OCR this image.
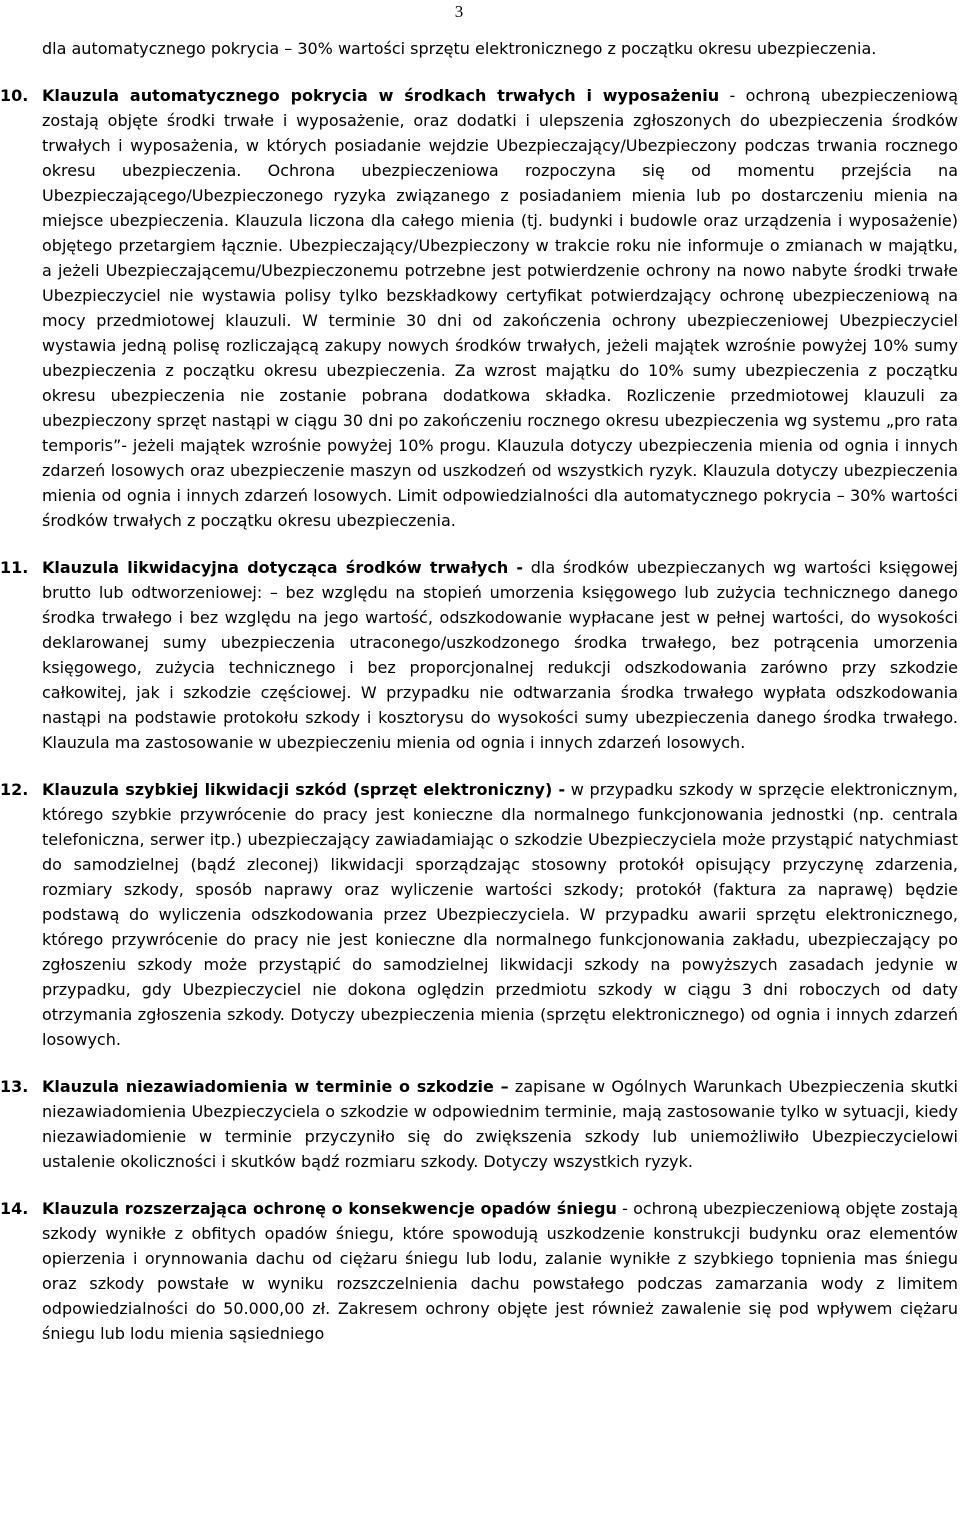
3

dla automatycznego pokrycia – 30% wartości sprzętu elektronicznego z początku okresu ubezpieczenia.

10. Klauzula automatycznego pokrycia w środkach trwałych i wyposażeniu - ochroną ubezpieczeniową zostają objęte środki trwałe i wyposażenie, oraz dodatki i ulepszenia zgłoszonych do ubezpieczenia środków trwałych i wyposażenia, w których posiadanie wejdzie Ubezpieczający/Ubezpieczony podczas trwania rocznego okresu ubezpieczenia. Ochrona ubezpieczeniowa rozpoczyna się od momentu przejścia na Ubezpieczającego/Ubezpieczonego ryzyka związanego z posiadaniem mienia lub po dostarczeniu mienia na miejsce ubezpieczenia. Klauzula liczona dla całego mienia (tj. budynki i budowle oraz urządzenia i wyposażenie) objętego przetargiem łącznie. Ubezpieczający/Ubezpieczony w trakcie roku nie informuje o zmianach w majątku, a jeżeli Ubezpieczającemu/Ubezpieczonemu potrzebne jest potwierdzenie ochrony na nowo nabyte środki trwałe Ubezpieczyciel nie wystawia polisy tylko bezskładkowy certyfikat potwierdzający ochronę ubezpieczeniową na mocy przedmiotowej klauzuli. W terminie 30 dni od zakończenia ochrony ubezpieczeniowej Ubezpieczyciel wystawia jedną polisę rozliczającą zakupy nowych środków trwałych, jeżeli majątek wzrośnie powyżej 10% sumy ubezpieczenia z początku okresu ubezpieczenia. Za wzrost majątku do 10% sumy ubezpieczenia z początku okresu ubezpieczenia nie zostanie pobrana dodatkowa składka. Rozliczenie przedmiotowej klauzuli za ubezpieczony sprzęt nastąpi w ciągu 30 dni po zakończeniu rocznego okresu ubezpieczenia wg systemu „pro rata temporis”- jeżeli majątek wzrośnie powyżej 10% progu. Klauzula dotyczy ubezpieczenia mienia od ognia i innych zdarzeń losowych oraz ubezpieczenie maszyn od uszkodzeń od wszystkich ryzyk. Klauzula dotyczy ubezpieczenia mienia od ognia i innych zdarzeń losowych. Limit odpowiedzialności dla automatycznego pokrycia – 30% wartości środków trwałych z początku okresu ubezpieczenia.

11. Klauzula likwidacyjna dotycząca środków trwałych - dla środków ubezpieczanych wg wartości księgowej brutto lub odtworzeniowej: – bez względu na stopień umorzenia księgowego lub zużycia technicznego danego środka trwałego i bez względu na jego wartość, odszkodowanie wypłacane jest w pełnej wartości, do wysokości deklarowanej sumy ubezpieczenia utraconego/uszkodzonego środka trwałego, bez potrącenia umorzenia księgowego, zużycia technicznego i bez proporcjonalnej redukcji odszkodowania zarówno przy szkodzie całkowitej, jak i szkodzie częściowej. W przypadku nie odtwarzania środka trwałego wypłata odszkodowania nastąpi na podstawie protokołu szkody i kosztorysu do wysokości sumy ubezpieczenia danego środka trwałego. Klauzula ma zastosowanie w ubezpieczeniu mienia od ognia i innych zdarzeń losowych.

12. Klauzula szybkiej likwidacji szkód (sprzęt elektroniczny) - w przypadku szkody w sprzęcie elektronicznym, którego szybkie przywrócenie do pracy jest konieczne dla normalnego funkcjonowania jednostki (np. centrala telefoniczna, serwer itp.) ubezpieczający zawiadamiając o szkodzie Ubezpieczyciela może przystąpić natychmiast do samodzielnej (bądź zleconej) likwidacji sporządzając stosowny protokół opisujący przyczynę zdarzenia, rozmiary szkody, sposób naprawy oraz wyliczenie wartości szkody; protokół (faktura za naprawę) będzie podstawą do wyliczenia odszkodowania przez Ubezpieczyciela. W przypadku awarii sprzętu elektronicznego, którego przywrócenie do pracy nie jest konieczne dla normalnego funkcjonowania zakładu, ubezpieczający po zgłoszeniu szkody może przystąpić do samodzielnej likwidacji szkody na powyższych zasadach jedynie w przypadku, gdy Ubezpieczyciel nie dokona oględzin przedmiotu szkody w ciągu 3 dni roboczych od daty otrzymania zgłoszenia szkody. Dotyczy ubezpieczenia mienia (sprzętu elektronicznego) od ognia i innych zdarzeń losowych.

13. Klauzula niezawiadomienia w terminie o szkodzie – zapisane w Ogólnych Warunkach Ubezpieczenia skutki niezawiadomienia Ubezpieczyciela o szkodzie w odpowiednim terminie, mają zastosowanie tylko w sytuacji, kiedy niezawiadomienie w terminie przyczyniło się do zwiększenia szkody lub uniemożliwiło Ubezpieczycielowi ustalenie okoliczności i skutków bądź rozmiaru szkody. Dotyczy wszystkich ryzyk.

14. Klauzula rozszerzająca ochronę o konsekwencje opadów śniegu - ochroną ubezpieczeniową objęte zostają szkody wynikłe z obfitych opadów śniegu, które spowodują uszkodzenie konstrukcji budynku oraz elementów opierzenia i orynnowania dachu od ciężaru śniegu lub lodu, zalanie wynikłe z szybkiego topnienia mas śniegu oraz szkody powstałe w wyniku rozszczelnienia dachu powstałego podczas zamarzania wody z limitem odpowiedzialności do 50.000,00 zł. Zakresem ochrony objęte jest również zawalenie się pod wpływem ciężaru śniegu lub lodu mienia sąsiedniego
